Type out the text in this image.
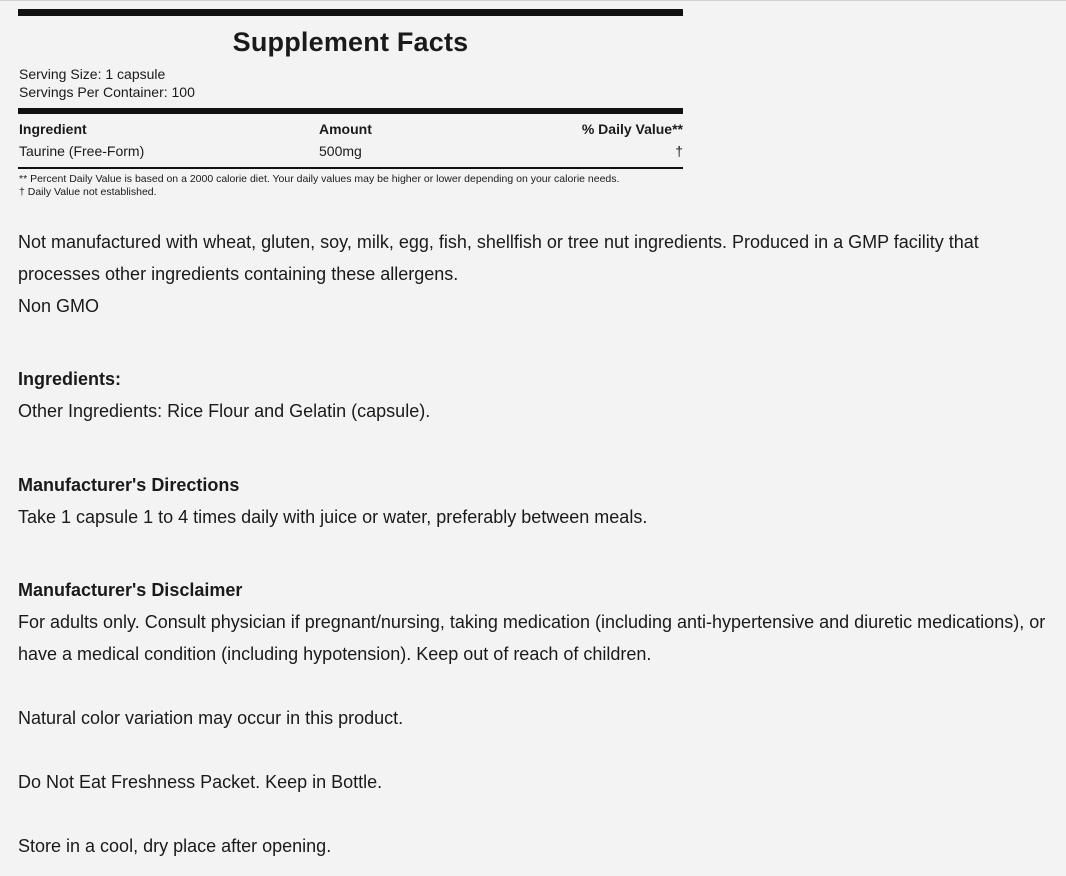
Supplement Facts
Serving Size: 1 capsule
Servings Per Container: 100
Ingredient	Amount	% Daily Value**
Taurine (Free-Form)	500mg	†
** Percent Daily Value is based on a 2000 calorie diet. Your daily values may be higher or lower depending on your calorie needs.
† Daily Value not established.
Not manufactured with wheat, gluten, soy, milk, egg, fish, shellfish or tree nut ingredients. Produced in a GMP facility that processes other ingredients containing these allergens.
Non GMO
Ingredients:
Other Ingredients: Rice Flour and Gelatin (capsule).
Manufacturer's Directions
Take 1 capsule 1 to 4 times daily with juice or water, preferably between meals.
Manufacturer's Disclaimer
For adults only. Consult physician if pregnant/nursing, taking medication (including anti-hypertensive and diuretic medications), or have a medical condition (including hypotension). Keep out of reach of children.
Natural color variation may occur in this product.
Do Not Eat Freshness Packet. Keep in Bottle.
Store in a cool, dry place after opening.
